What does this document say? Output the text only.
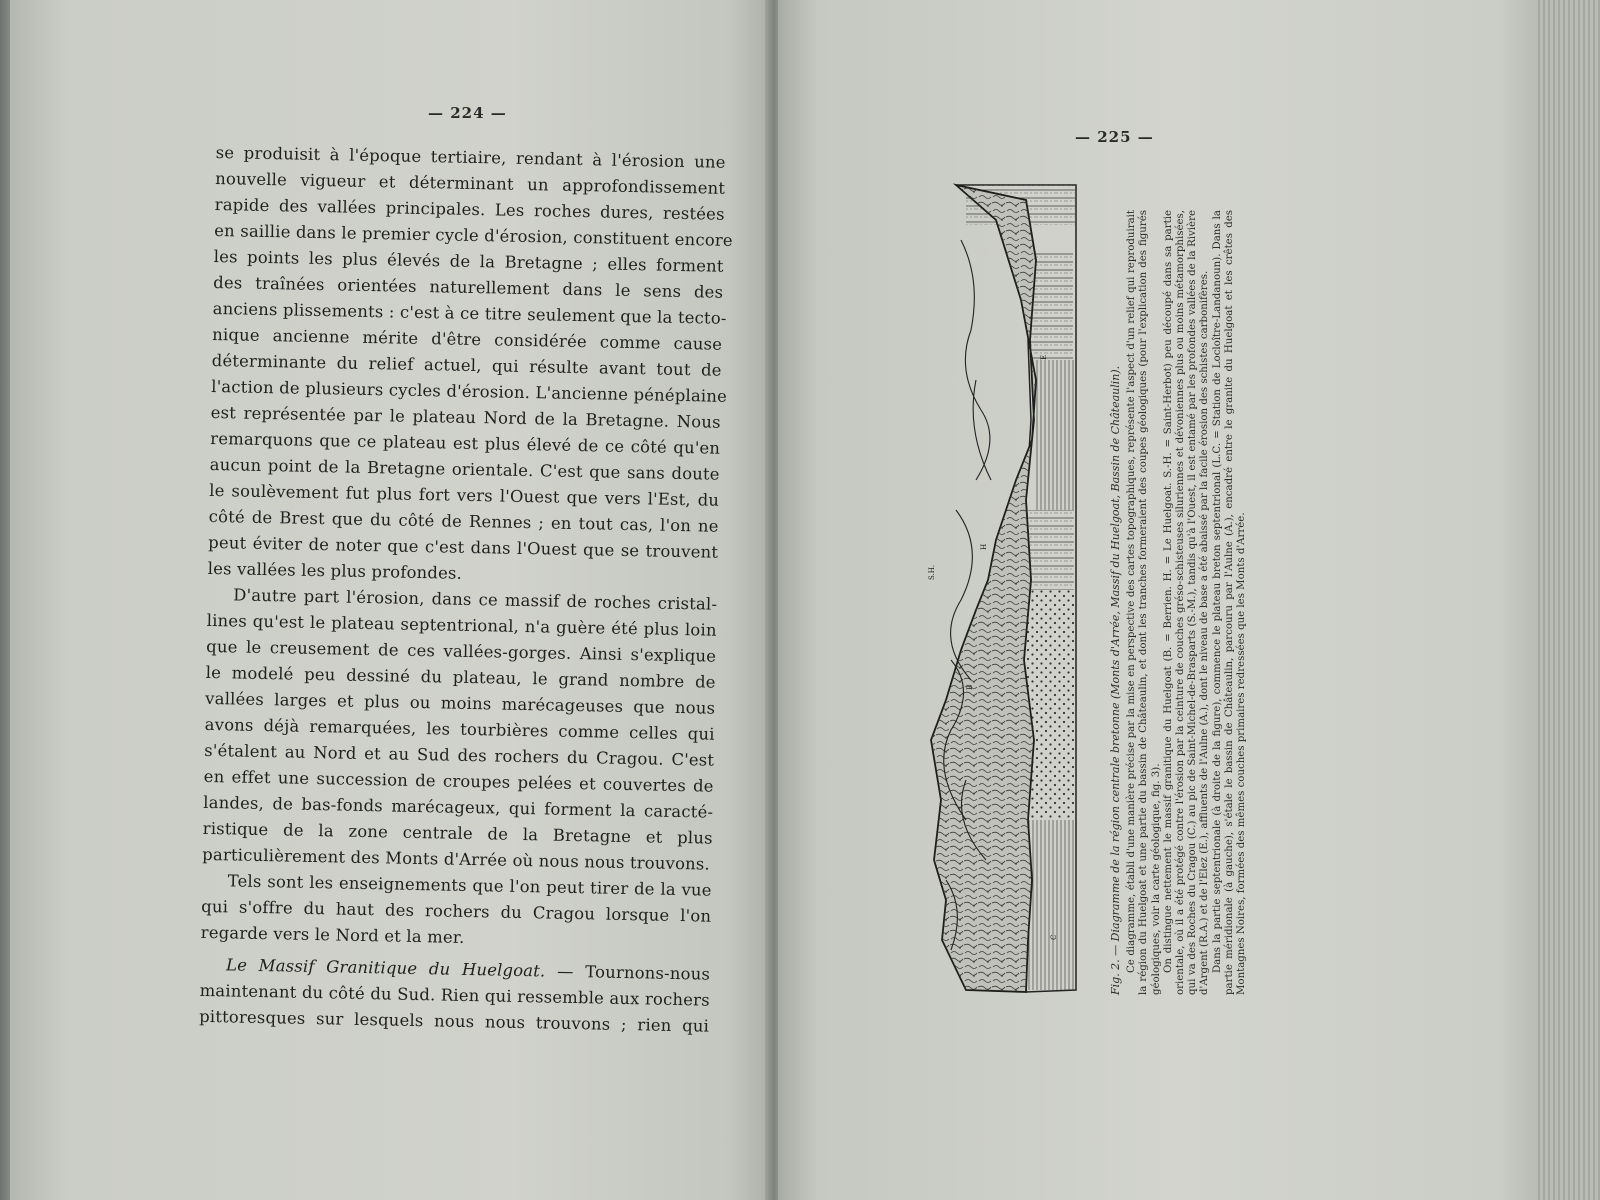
— 224 —
— 225 —
se produisit à l'époque tertiaire, rendant à l'érosion une
nouvelle vigueur et déterminant un approfondissement
rapide des vallées principales. Les roches dures, restées
en saillie dans le premier cycle d'érosion, constituent encore
les points les plus élevés de la Bretagne ; elles forment
des traînées orientées naturellement dans le sens des
anciens plissements : c'est à ce titre seulement que la tecto-
nique ancienne mérite d'être considérée comme cause
déterminante du relief actuel, qui résulte avant tout de
l'action de plusieurs cycles d'érosion. L'ancienne pénéplaine
est représentée par le plateau Nord de la Bretagne. Nous
remarquons que ce plateau est plus élevé de ce côté qu'en
aucun point de la Bretagne orientale. C'est que sans doute
le soulèvement fut plus fort vers l'Ouest que vers l'Est, du
côté de Brest que du côté de Rennes ; en tout cas, l'on ne
peut éviter de noter que c'est dans l'Ouest que se trouvent
les vallées les plus profondes.
D'autre part l'érosion, dans ce massif de roches cristal-
lines qu'est le plateau septentrional, n'a guère été plus loin
que le creusement de ces vallées-gorges. Ainsi s'explique
le modelé peu dessiné du plateau, le grand nombre de
vallées larges et plus ou moins marécageuses que nous
avons déjà remarquées, les tourbières comme celles qui
s'étalent au Nord et au Sud des rochers du Cragou. C'est
en effet une succession de croupes pelées et couvertes de
landes, de bas-fonds marécageux, qui forment la caracté-
ristique de la zone centrale de la Bretagne et plus
particulièrement des Monts d'Arrée où nous nous trouvons.
Tels sont les enseignements que l'on peut tirer de la vue
qui s'offre du haut des rochers du Cragou lorsque l'on
regarde vers le Nord et la mer.
Le Massif Granitique du Huelgoat. — Tournons-nous
maintenant du côté du Sud. Rien qui ressemble aux rochers
pittoresques sur lesquels nous nous trouvons ; rien qui
S.H.
H
B
E
C	Fig. 2. — Diagramme de la région centrale bretonne (Monts d'Arrée, Massif du Huelgoat, Bassin de Châteaulin). Ce diagramme, établi d'une manière précise par la mise en perspective des cartes topographiques, représente l'aspect d'un relief qui reproduirait la région du Huelgoat et une partie du bassin de Châteaulin, et dont les tranches formeraient des coupes géologiques (pour l'explication des figurés géologiques, voir la carte géologique, fig. 3). On distingue nettement le massif granitique du Huelgoat (B. = Berrien. H. = Le Huelgoat. S.-H. = Saint-Herbot) peu découpé dans sa partie orientale, où il a été protégé contre l'érosion par la ceinture de couches gréso-schisteuses siluriennes et dévoniennes plus ou moins métamorphisées, qui va des Roches du Cragou (C.) au pic de Saint-Michel-de-Brasparts (S.-M.), tandis qu'à l'Ouest, il est entamé par les profondes vallées de la Rivière d'Argent (R.A.) et de l'Elez (E.), affluents de l'Aulne (A.), dont le niveau de base a été abaissé par la facile érosion des schistes carbonifères. Dans la partie septentrionale (à droite de la figure), commence le plateau breton septentrional (L.C. = Station de Locloître-Landanoun). Dans la partie méridionale (à gauche), s'étale le bassin de Châteaulin, parcouru par l'Aulne (A.), encadré entre le granite du Huelgoat et les crêtes des Montagnes Noires, formées des mêmes couches primaires redressées que les Monts d'Arrée.
